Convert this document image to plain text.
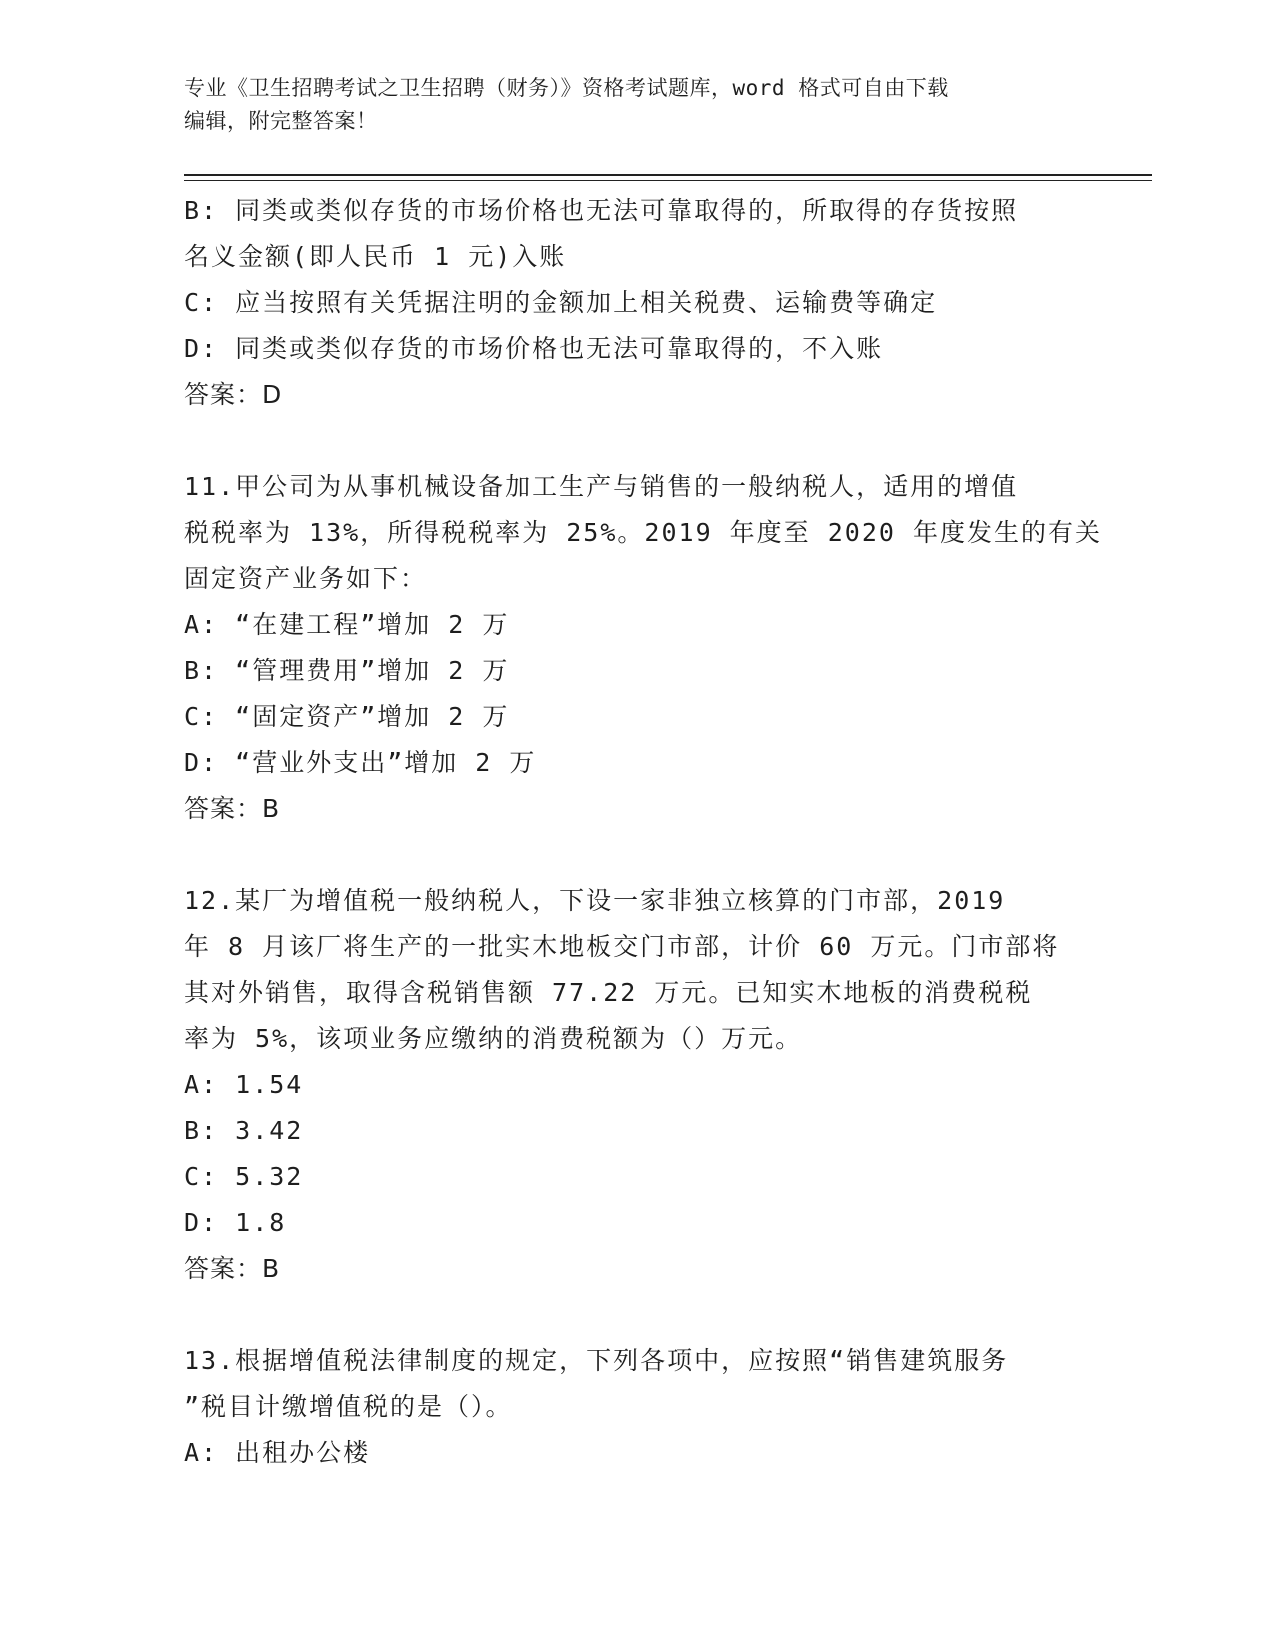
专业《卫生招聘考试之卫生招聘（财务）》资格考试题库，word 格式可自由下载
编辑，附完整答案！
B: 同类或类似存货的市场价格也无法可靠取得的，所取得的存货按照
名义金额(即人民币 1 元)入账
C: 应当按照有关凭据注明的金额加上相关税费、运输费等确定
D: 同类或类似存货的市场价格也无法可靠取得的，不入账
答案：D
11.甲公司为从事机械设备加工生产与销售的一般纳税人，适用的增值
税税率为 13%，所得税税率为 25%。2019 年度至 2020 年度发生的有关
固定资产业务如下：
A: “在建工程”增加 2 万
B: “管理费用”增加 2 万
C: “固定资产”增加 2 万
D: “营业外支出”增加 2 万
答案：B
12.某厂为增值税一般纳税人，下设一家非独立核算的门市部，2019
年 8 月该厂将生产的一批实木地板交门市部，计价 60 万元。门市部将
其对外销售，取得含税销售额 77.22 万元。已知实木地板的消费税税
率为 5%，该项业务应缴纳的消费税额为（）万元。
A: 1.54
B: 3.42
C: 5.32
D: 1.8
答案：B
13.根据增值税法律制度的规定，下列各项中，应按照“销售建筑服务
”税目计缴增值税的是（）。
A: 出租办公楼
